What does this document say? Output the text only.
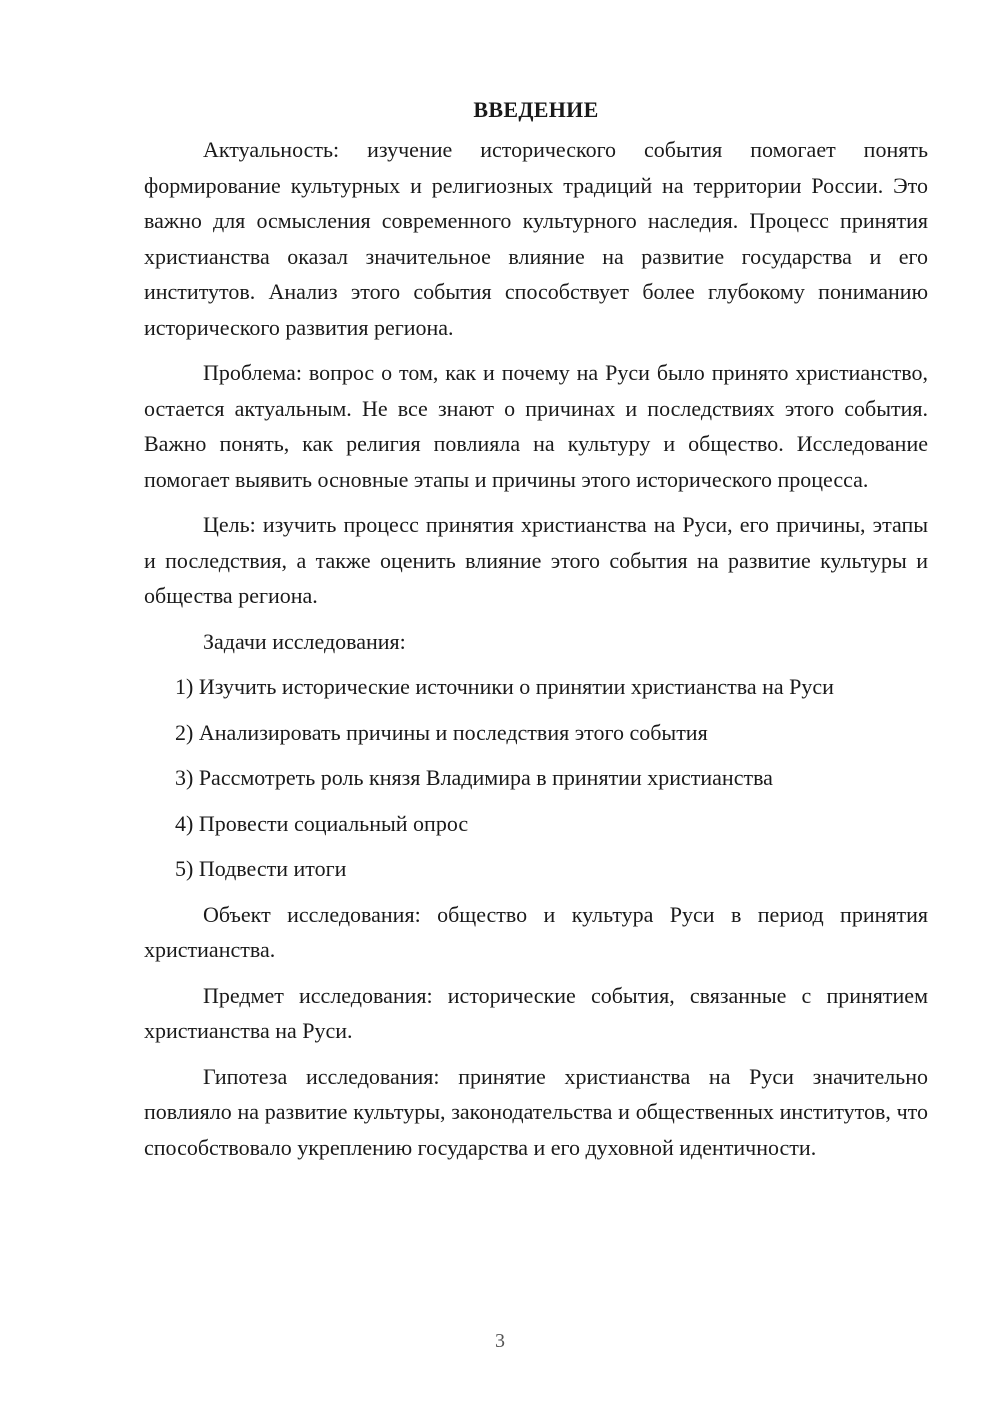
ВВЕДЕНИЕ

Актуальность: изучение исторического события помогает понять формирование культурных и религиозных традиций на территории России. Это важно для осмысления современного культурного наследия. Процесс принятия христианства оказал значительное влияние на развитие государства и его институтов. Анализ этого события способствует более глубокому пониманию исторического развития региона.

Проблема: вопрос о том, как и почему на Руси было принято христианство, остается актуальным. Не все знают о причинах и последствиях этого события. Важно понять, как религия повлияла на культуру и общество. Исследование помогает выявить основные этапы и причины этого исторического процесса.

Цель: изучить процесс принятия христианства на Руси, его причины, этапы и последствия, а также оценить влияние этого события на развитие культуры и общества региона.

Задачи исследования:

1) Изучить исторические источники о принятии христианства на Руси
2) Анализировать причины и последствия этого события
3) Рассмотреть роль князя Владимира в принятии христианства
4) Провести социальный опрос
5) Подвести итоги

Объект исследования: общество и культура Руси в период принятия христианства.

Предмет исследования: исторические события, связанные с принятием христианства на Руси.

Гипотеза исследования: принятие христианства на Руси значительно повлияло на развитие культуры, законодательства и общественных институтов, что способствовало укреплению государства и его духовной идентичности.

3
